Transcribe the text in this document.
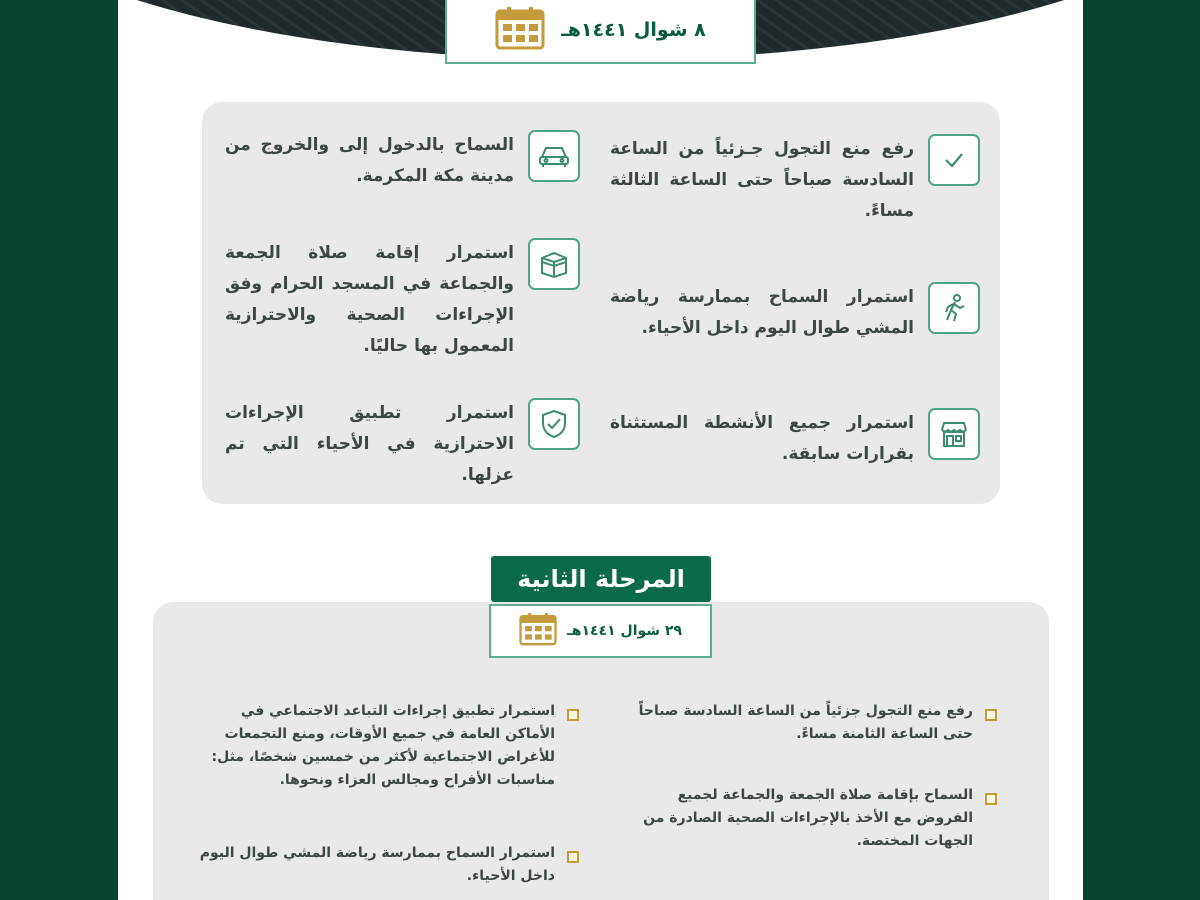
٨ شوال ١٤٤١هـ
رفع منع التجول جـزئياً من الساعة السادسة صباحاً حتى الساعة الثالثة مساءً.
استمرار السماح بممارسة رياضة المشي طوال اليوم داخل الأحياء.
استمرار جميع الأنشطة المستثناة بقرارات سابقة.
السماح بالدخول إلى والخروج من مدينة مكة المكرمة.
استمرار إقامة صلاة الجمعة والجماعة في المسجد الحرام وفق الإجراءات الصحية والاحترازية المعمول بها حاليًا.
استمرار تطبيق الإجراءات الاحترازية في الأحياء التي تم عزلها.
رفع منع التجول جزئياً من الساعة السادسة صباحاً حتى الساعة الثامنة مساءً.
استمرار تطبيق إجراءات التباعد الاجتماعي في الأماكن العامة في جميع الأوقات، ومنع التجمعات للأغراض الاجتماعية لأكثر من خمسين شخصًا، مثل: مناسبات الأفراح ومجالس العزاء ونحوها.
السماح بإقامة صلاة الجمعة والجماعة لجميع الفروض مع الأخذ بالإجراءات الصحية الصادرة من الجهات المختصة.
استمرار السماح بممارسة رياضة المشي طوال اليوم داخل الأحياء.
المرحلة الثانية
٢٩ شوال ١٤٤١هـ
